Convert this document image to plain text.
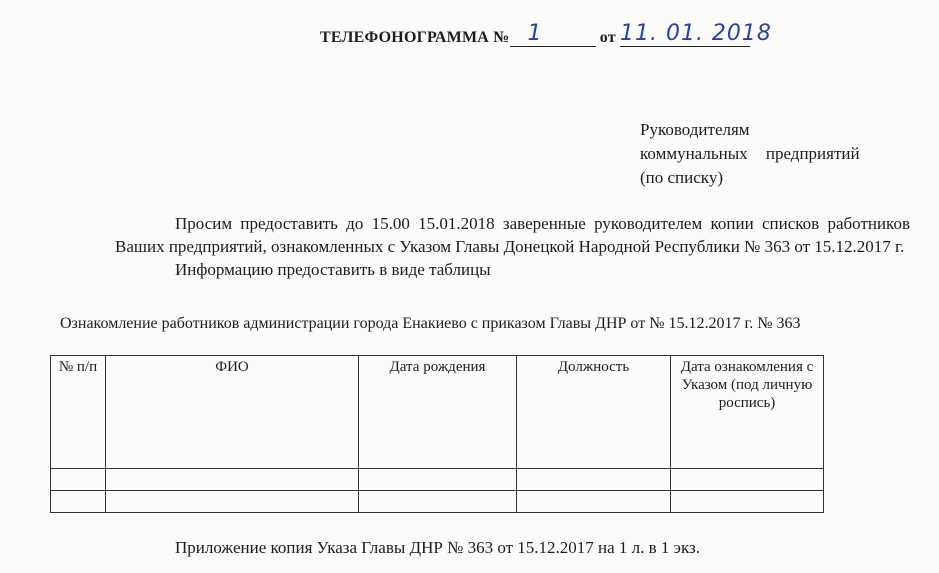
ТЕЛЕФОНОГРАММА № 1	от 11. 01. 2018
Руководителям
коммунальных предприятий
(по списку)

Просим предоставить до 15.00 15.01.2018 заверенные руководителем копии списков работников Ваших предприятий, ознакомленных с Указом Главы Донецкой Народной Республики № 363 от 15.12.2017 г.

Информацию предоставить в виде таблицы

Ознакомление работников администрации города Енакиево с приказом Главы ДНР от № 15.12.2017 г. № 363
№ п/п	ФИО	Дата рождения	Должность	Дата ознакомления с Указом (под личную роспись)

Приложение копия Указа Главы ДНР № 363 от 15.12.2017 на 1 л. в 1 экз.
